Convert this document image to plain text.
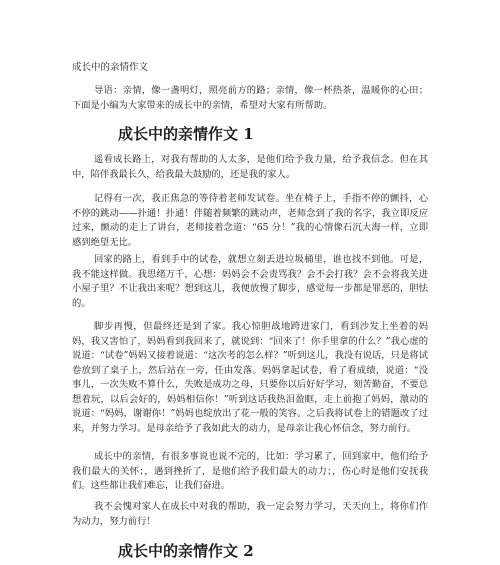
成长中的亲情作文
导语：亲情，像一盏明灯，照亮前方的路；亲情，像一杯热茶，温暖你的心田；下面是小编为大家带来的成长中的亲情，希望对大家有所帮助。
成长中的亲情作文 1
遥看成长路上，对我有帮助的人太多，是他们给予我力量，给予我信念。但在其中，陪伴我最长久，给我最大鼓励的，还是我的家人。
记得有一次，我正焦急的等待着老师发试卷。坐在椅子上，手指不停的颤抖，心不停的跳动——扑通！扑通！伴随着频繁的跳动声，老师念到了我的名字，我立即反应过来，颤动的走上了讲台，老师接着念道：“65 分！”我的心情像石沉大海一样，立即感到绝望无比。
回家的路上，看到手中的试卷，就想立刻丢进垃圾桶里，谁也找不到他。可是，我不能这样做。我思绪万千，心想：妈妈会不会责骂我？会不会打我？会不会将我关进小屋子里？不让我出来呢？想到这儿，我便放慢了脚步，感觉每一步都是罪恶的，胆怯的。
脚步再慢，但最终还是到了家。我心惊胆战地跨进家门，看到沙发上坐着的妈妈，我又害怕了，妈妈看到我回来了，就说到：“回来了！你手里拿的什么？”我心虚的说道：“试卷”妈妈又接着说道：“这次考的怎么样？”听到这儿，我没有说话，只是将试卷放到了桌子上，然后站在一旁，任由发落。妈妈拿起试卷，看了看成绩，说道：“没事儿，一次失败不算什么，失败是成功之母，只要你以后好好学习，刻苦勤奋，不要总想着玩，以后会好的，妈妈相信你！”听到这话我热泪盈眶，走上前抱了妈妈，激动的说道：“妈妈，谢谢你！”妈妈也绽放出了花一般的笑容。之后我将试卷上的错题改了过来，并努力学习。是母亲给予了我如此大的动力，是母亲让我心怀信念，努力前行。
成长中的亲情，有很多事说也说不完的，比如：学习累了，回到家中，他们给予我们最大的关怀；，遇到挫折了，是他们给予我们最大的动力；，伤心时是他们安抚我们。这些都让我们难忘，让我们奋进。
我不会愧对家人在成长中对我的帮助，我一定会努力学习，天天向上，将你们作为动力，努力前行！
成长中的亲情作文 2
